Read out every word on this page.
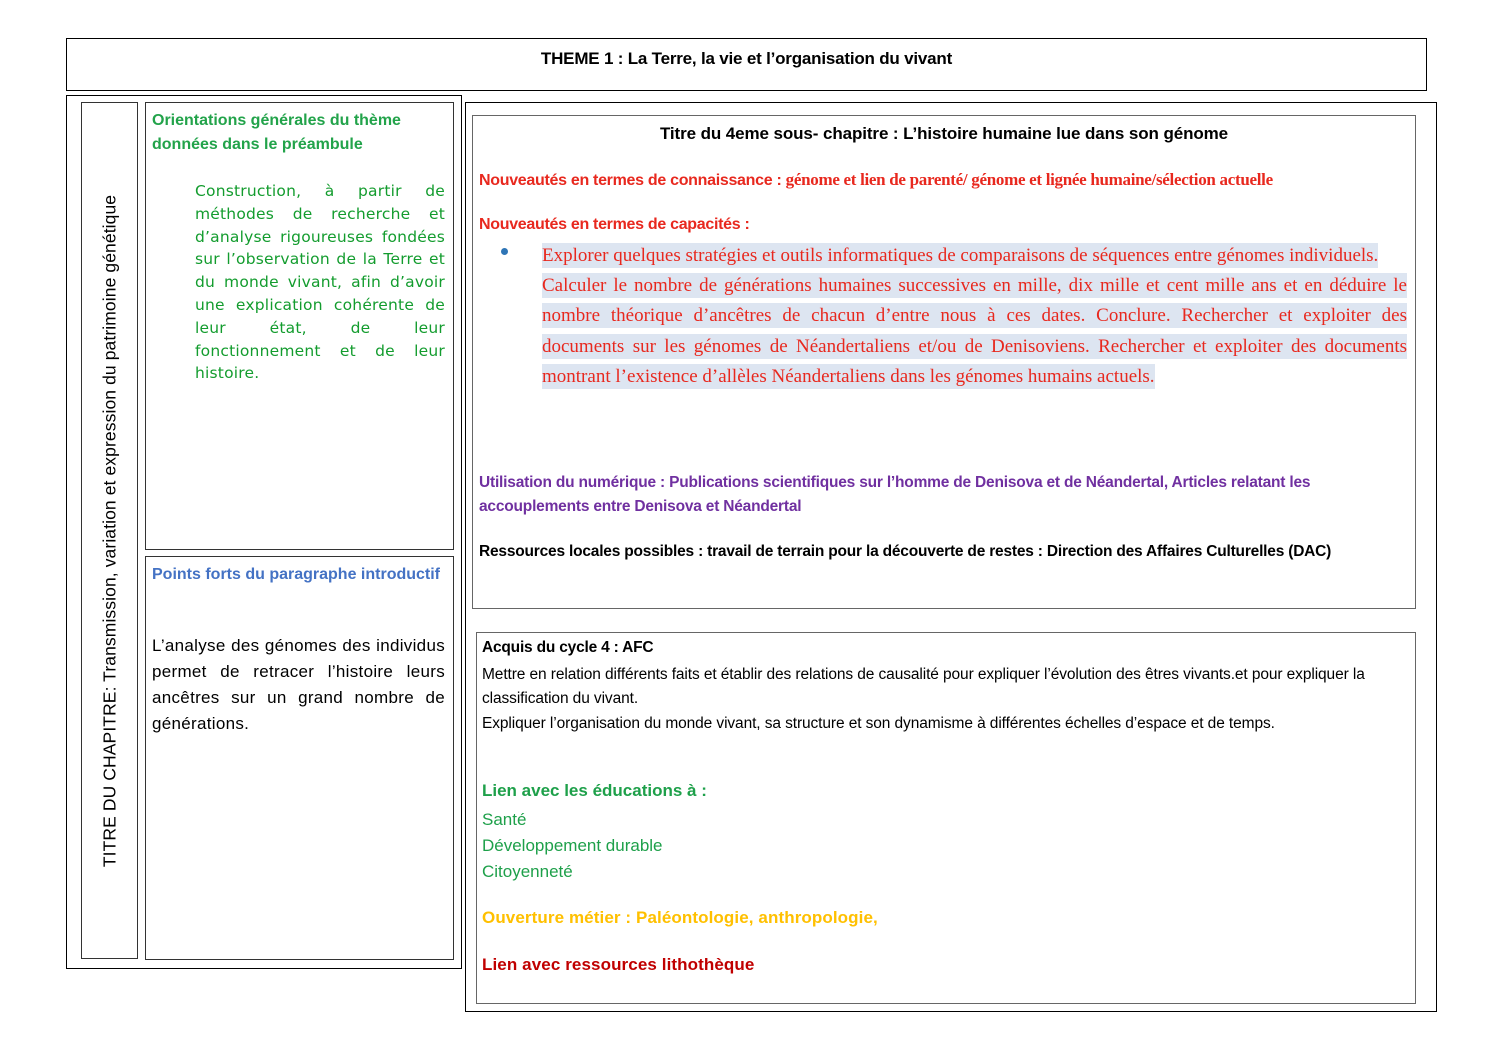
THEME 1 : La Terre, la vie et l’organisation du vivant
TITRE DU CHAPITRE: Transmission, variation et expression du patrimoine génétique
Orientations générales du thème données dans le préambule
Construction, à partir de méthodes de recherche et d’analyse rigoureuses fondées sur l’observation de la Terre et du monde vivant, afin d’avoir une explication cohérente de leur état, de leur fonctionnement et de leur histoire.
Points forts du paragraphe introductif
L’analyse des génomes des individus permet de retracer l’histoire leurs ancêtres sur un grand nombre de générations.
Titre du 4eme sous- chapitre : L’histoire humaine lue dans son génome
Nouveautés en termes de connaissance : génome et lien de parenté/ génome et lignée humaine/sélection actuelle
Nouveautés en termes de capacités :
Explorer quelques stratégies et outils informatiques de comparaisons de séquences entre génomes individuels.
Calculer le nombre de générations humaines successives en mille, dix mille et cent mille ans et en déduire le nombre théorique d’ancêtres de chacun d’entre nous à ces dates. Conclure. Rechercher et exploiter des documents sur les génomes de Néandertaliens et/ou de Denisoviens. Rechercher et exploiter des documents montrant l’existence d’allèles Néandertaliens dans les génomes humains actuels.
Utilisation du numérique : Publications scientifiques sur l’homme de Denisova et de Néandertal, Articles relatant les accouplements entre Denisova et Néandertal
Ressources locales possibles : travail de terrain pour la découverte de restes : Direction des Affaires Culturelles (DAC)
Acquis du cycle 4 : AFC
Mettre en relation différents faits et établir des relations de causalité pour expliquer l’évolution des êtres vivants.et pour expliquer la classification du vivant.
Expliquer l’organisation du monde vivant, sa structure et son dynamisme à différentes échelles d’espace et de temps.
Lien avec les éducations à :
Santé
Développement durable
Citoyenneté
Ouverture métier : Paléontologie, anthropologie,
Lien avec ressources lithothèque
